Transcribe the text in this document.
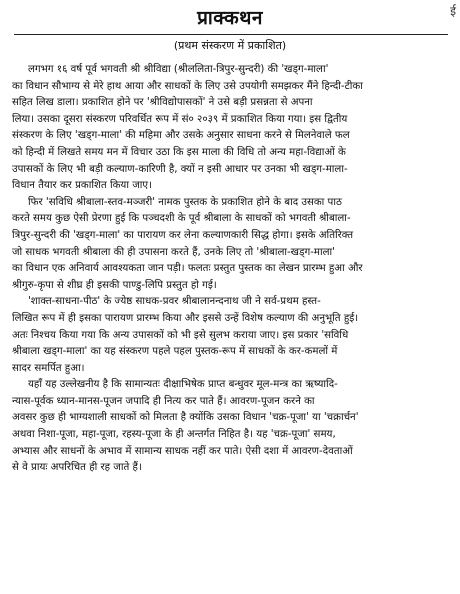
ई
प्राक्कथन
(प्रथम संस्करण में प्रकाशित)
लगभग १६ वर्ष पूर्व भगवती श्री श्रीविद्या (श्रीललिता-त्रिपुर-सुन्दरी) की 'खड्ग-माला'
का विधान सौभाग्य से मेरे हाथ आया और साधकों के लिए उसे उपयोगी समझकर मैंने हिन्दी-टीका
सहित लिख डाला। प्रकाशित होने पर 'श्रीविद्योपासकों' ने उसे बड़ी प्रसन्नता से अपना
लिया। उसका दूसरा संस्करण परिवर्धित रूप में सं० २०३९ में प्रकाशित किया गया। इस द्वितीय
संस्करण के लिए 'खड्ग-माला' की महिमा और उसके अनुसार साधना करने से मिलनेवाले फल
को हिन्दी में लिखते समय मन में विचार उठा कि इस माला की विधि तो अन्य महा-विद्याओं के
उपासकों के लिए भी बड़ी कल्याण-कारिणी है, क्यों न इसी आधार पर उनका भी खड्ग-माला-
विधान तैयार कर प्रकाशित किया जाए।
फिर 'सविधि श्रीबाला-स्तव-मञ्जरी' नामक पुस्तक के प्रकाशित होने के बाद उसका पाठ
करते समय कुछ ऐसी प्रेरणा हुई कि पञ्चदशी के पूर्व श्रीबाला के साधकों को भगवती श्रीबाला-
त्रिपुर-सुन्दरी की 'खड्ग-माला' का पारायण कर लेना कल्याणकारी सिद्ध होगा। इसके अतिरिक्त
जो साधक भगवती श्रीबाला की ही उपासना करते हैं, उनके लिए तो 'श्रीबाला-खड्ग-माला'
का विधान एक अनिवार्य आवश्यकता जान पड़ी। फलतः प्रस्तुत पुस्तक का लेखन प्रारम्भ हुआ और
श्रीगुरु-कृपा से शीघ्र ही इसकी पाण्डु-लिपि प्रस्तुत हो गई।
'शाक्त-साधना-पीठ' के ज्येष्ठ साधक-प्रवर श्रीबालानन्दनाथ जी ने सर्व-प्रथम हस्त-
लिखित रूप में ही इसका पारायण प्रारम्भ किया और इससे उन्हें विशेष कल्याण की अनुभूति हुई।
अतः निश्चय किया गया कि अन्य उपासकों को भी इसे सुलभ कराया जाए। इस प्रकार 'सविधि
श्रीबाला खड्ग-माला' का यह संस्करण पहले पहल पुस्तक-रूप में साधकों के कर-कमलों में
सादर समर्पित हुआ।
यहाँ यह उल्लेखनीय है कि सामान्यतः दीक्षाभिषेक प्राप्त बन्धुवर मूल-मन्त्र का ऋष्यादि-
न्यास-पूर्वक ध्यान-मानस-पूजन जपादि ही नित्य कर पाते हैं। आवरण-पूजन करने का
अवसर कुछ ही भाग्यशाली साधकों को मिलता है क्योंकि उसका विधान 'चक्र-पूजा' या 'चक्रार्चन'
अथवा निशा-पूजा, महा-पूजा, रहस्य-पूजा के ही अन्तर्गत निहित है। यह 'चक्र-पूजा' समय,
अभ्यास और साधनों के अभाव में सामान्य साधक नहीं कर पाते। ऐसी दशा में आवरण-देवताओं
से वे प्रायः अपरिचित ही रह जाते हैं।
